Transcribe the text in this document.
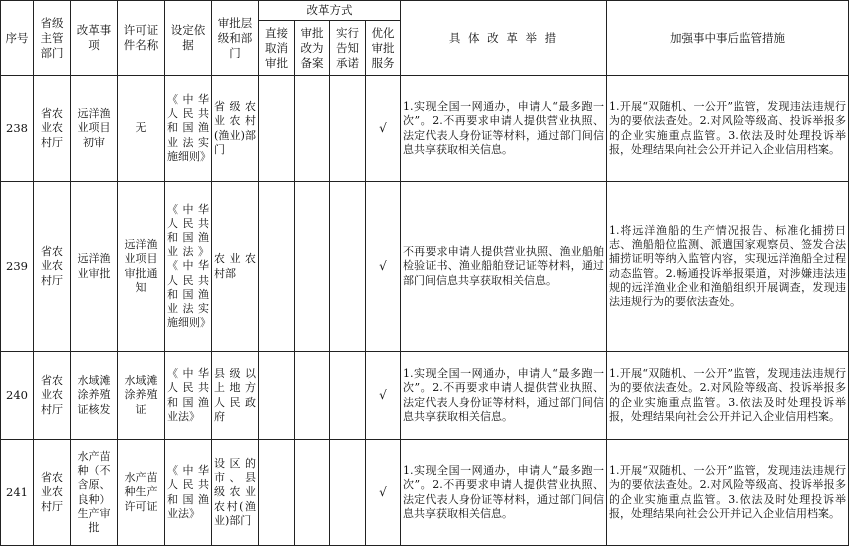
序号	省级主管部门	改革事项	许可证件名称	设定依据	审批层级和部门	改革方式				具 体 改 革 举 措	加强事中事后监管措施
						直接取消审批	审批改为备案	实行告知承诺	优化审批服务		
238	省农业农村厅	远洋渔业项目初审	无	《中华人民共和国渔业法实施细则》	省级农业农村(渔业)部门				√	1.实现全国一网通办，申请人“最多跑一次”。2.不再要求申请人提供营业执照、法定代表人身份证等材料，通过部门间信息共享获取相关信息。	1.开展“双随机、一公开”监管，发现违法违规行为的要依法查处。2.对风险等级高、投诉举报多的企业实施重点监管。3.依法及时处理投诉举报，处理结果向社会公开并记入企业信用档案。
239	省农业农村厅	远洋渔业审批	远洋渔业项目审批通知	《中华人民共和国渔业法》《中华人民共和国渔业法实施细则》	农业农村部				√	不再要求申请人提供营业执照、渔业船舶检验证书、渔业船舶登记证等材料，通过部门间信息共享获取相关信息。	1.将远洋渔船的生产情况报告、标准化捕捞日志、渔船船位监测、派遣国家观察员、签发合法捕捞证明等纳入监管内容，实现远洋渔船全过程动态监管。2.畅通投诉举报渠道，对涉嫌违法违规的远洋渔业企业和渔船组织开展调查，发现违法违规行为的要依法查处。
240	省农业农村厅	水域滩涂养殖证核发	水域滩涂养殖证	《中华人民共和国渔业法》	县级以上地方人民政府				√	1.实现全国一网通办，申请人“最多跑一次”。2.不再要求申请人提供营业执照、法定代表人身份证等材料，通过部门间信息共享获取相关信息。	1.开展“双随机、一公开”监管，发现违法违规行为的要依法查处。2.对风险等级高、投诉举报多的企业实施重点监管。3.依法及时处理投诉举报，处理结果向社会公开并记入企业信用档案。
241	省农业农村厅	水产苗种（不含原、良种）生产审批	水产苗种生产许可证	《中华人民共和国渔业法》	设区的市、县级农业农村(渔业)部门				√	1.实现全国一网通办，申请人“最多跑一次”。2.不再要求申请人提供营业执照、法定代表人身份证等材料，通过部门间信息共享获取相关信息。	1.开展“双随机、一公开”监管，发现违法违规行为的要依法查处。2.对风险等级高、投诉举报多的企业实施重点监管。3.依法及时处理投诉举报，处理结果向社会公开并记入企业信用档案。
